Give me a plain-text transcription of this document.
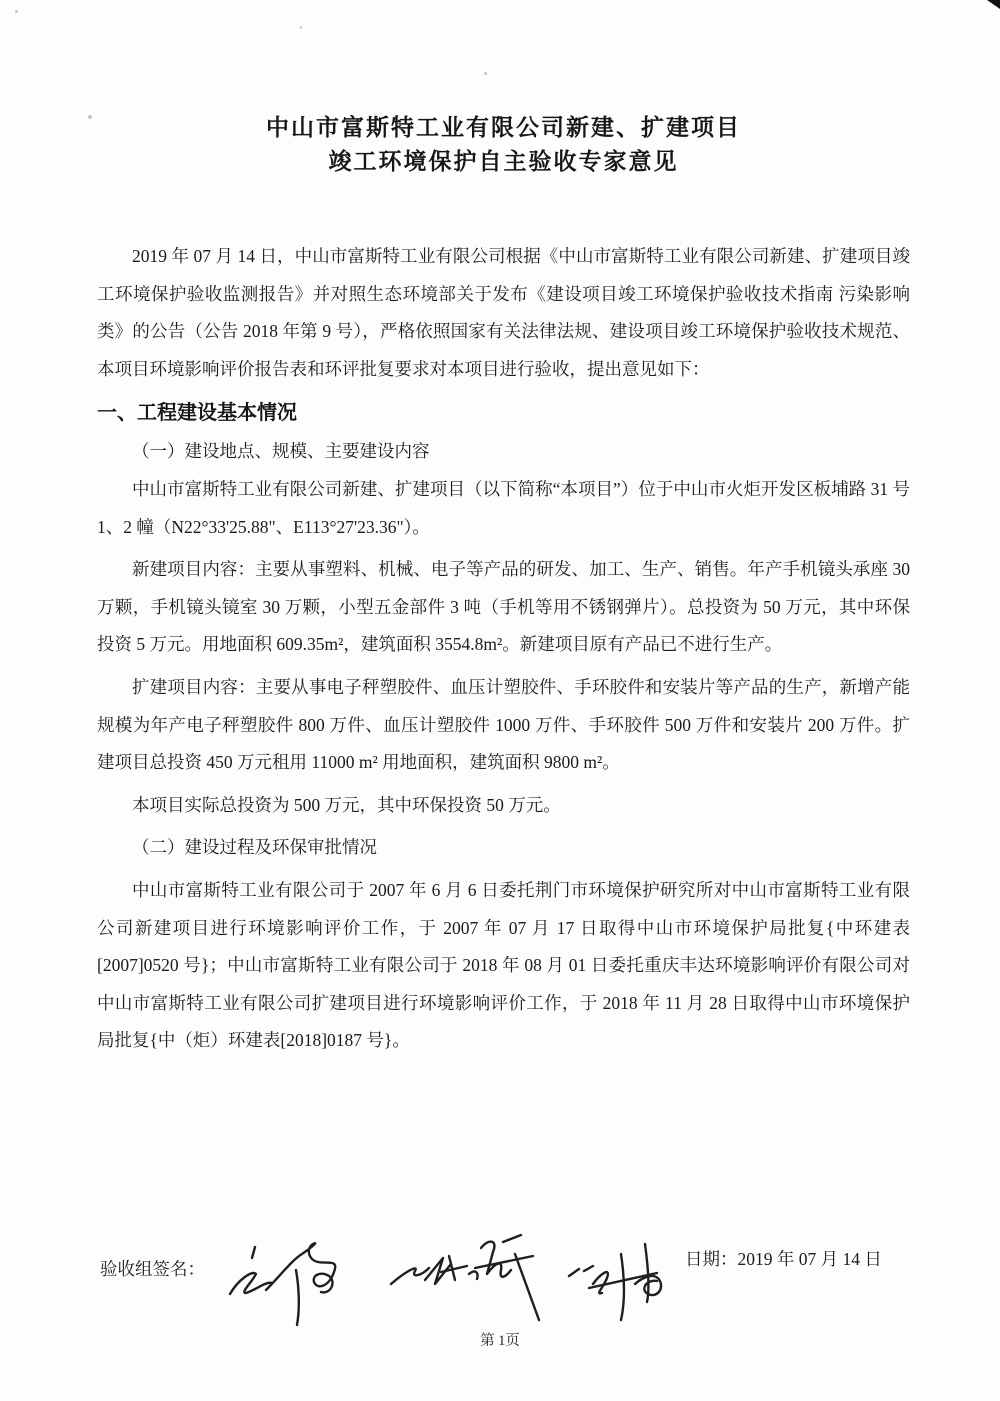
中山市富斯特工业有限公司新建、扩建项目
竣工环境保护自主验收专家意见

2019 年 07 月 14 日，中山市富斯特工业有限公司根据《中山市富斯特工业有限公司新建、扩建项目竣工环境保护验收监测报告》并对照生态环境部关于发布《建设项目竣工环境保护验收技术指南 污染影响类》的公告（公告 2018 年第 9 号），严格依照国家有关法律法规、建设项目竣工环境保护验收技术规范、本项目环境影响评价报告表和环评批复要求对本项目进行验收，提出意见如下：

一、工程建设基本情况

（一）建设地点、规模、主要建设内容

中山市富斯特工业有限公司新建、扩建项目（以下简称“本项目”）位于中山市火炬开发区板埔路 31 号 1、2 幢（N22°33'25.88"、E113°27'23.36"）。

新建项目内容：主要从事塑料、机械、电子等产品的研发、加工、生产、销售。年产手机镜头承座 30 万颗，手机镜头镜室 30 万颗，小型五金部件 3 吨（手机等用不锈钢弹片）。总投资为 50 万元，其中环保投资 5 万元。用地面积 609.35m²，建筑面积 3554.8m²。新建项目原有产品已不进行生产。

扩建项目内容：主要从事电子秤塑胶件、血压计塑胶件、手环胶件和安装片等产品的生产，新增产能规模为年产电子秤塑胶件 800 万件、血压计塑胶件 1000 万件、手环胶件 500 万件和安装片 200 万件。扩建项目总投资 450 万元租用 11000 m² 用地面积，建筑面积 9800 m²。

本项目实际总投资为 500 万元，其中环保投资 50 万元。

（二）建设过程及环保审批情况

中山市富斯特工业有限公司于 2007 年 6 月 6 日委托荆门市环境保护研究所对中山市富斯特工业有限公司新建项目进行环境影响评价工作，于 2007 年 07 月 17 日取得中山市环境保护局批复{中环建表[2007]0520 号}；中山市富斯特工业有限公司于 2018 年 08 月 01 日委托重庆丰达环境影响评价有限公司对中山市富斯特工业有限公司扩建项目进行环境影响评价工作，于 2018 年 11 月 28 日取得中山市环境保护局批复{中（炬）环建表[2018]0187 号}。

验收组签名：	日期：2019 年 07 月 14 日
第 1页
